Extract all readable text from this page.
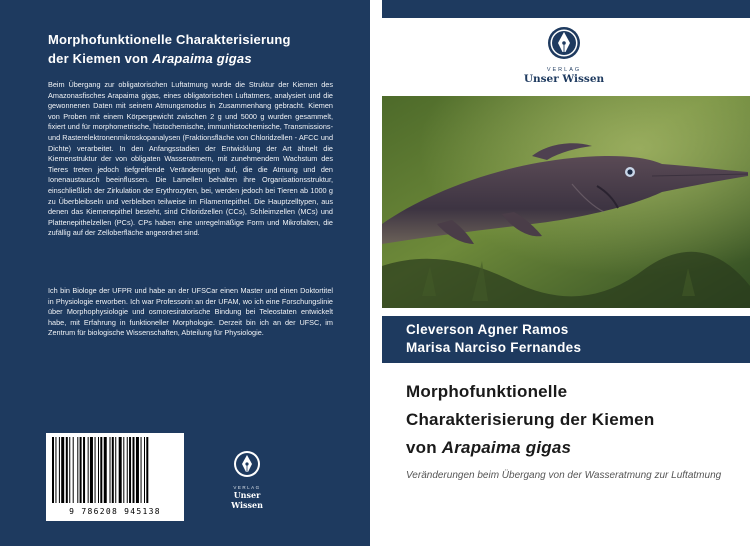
Morphofunktionelle Charakterisierung
der Kiemen von Arapaima gigas
Beim Übergang zur obligatorischen Luftatmung wurde die Struktur der Kiemen des Amazonasfisches Arapaima gigas, eines obligatorischen Luftatmers, analysiert und die gewonnenen Daten mit seinem Atmungsmodus in Zusammenhang gebracht. Kiemen von Proben mit einem Körpergewicht zwischen 2 g und 5000 g wurden gesammelt, fixiert und für morphometrische, histochemische, immunhistochemische, Transmissions- und Rasterelektronenmikroskopanalysen (Fraktionsfläche von Chloridzellen - AFCC und Dichte) verarbeitet. In den Anfangsstadien der Entwicklung der Art ähnelt die Kiemenstruktur der von obligaten Wasseratmern, mit zunehmendem Wachstum des Tieres treten jedoch tiefgreifende Veränderungen auf, die die Atmung und den Ionenaustausch beeinflussen. Die Lamellen behalten ihre Organisationsstruktur, einschließlich der Zirkulation der Erythrozyten, bei, werden jedoch bei Tieren ab 1000 g zu Überbleibseln und verbleiben teilweise im Filamentepithel. Die Hauptzelltypen, aus denen das Kiemenepithel besteht, sind Chloridzellen (CCs), Schleimzellen (MCs) und Plattenepithelzellen (PCs). CPs haben eine unregelmäßige Form und Mikrofalten, die zufällig auf der Zelloberfläche angeordnet sind.
Ich bin Biologe der UFPR und habe an der UFSCar einen Master und einen Doktortitel in Physiologie erworben. Ich war Professorin an der UFAM, wo ich eine Forschungslinie über Morphophysiologie und osmoresiratorische Bindung bei Teleostaten entwickelt habe, mit Erfahrung in funktioneller Morphologie. Derzeit bin ich an der UFSC, im Zentrum für biologische Wissenschaften, Abteilung für Physiologie.
9 786208 945138
VERLAG
Unser Wissen
VERLAG
Unser Wissen
Cleverson Agner Ramos
Marisa Narciso Fernandes
Morphofunktionelle
Charakterisierung der Kiemen
von Arapaima gigas
Veränderungen beim Übergang von der Wasseratmung zur Luftatmung
